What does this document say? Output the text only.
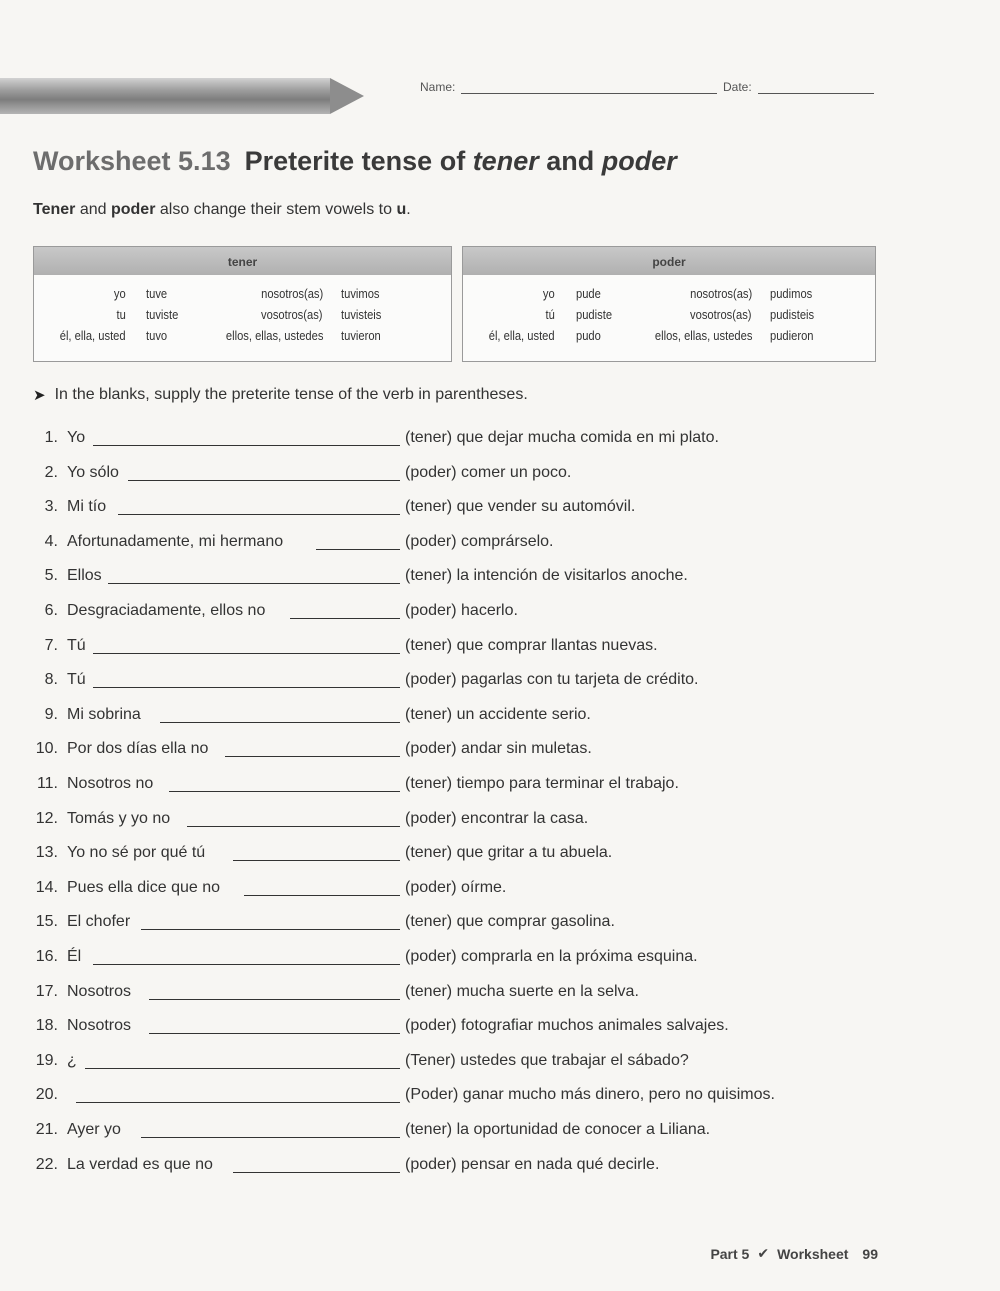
Name:	Date:
Worksheet 5.13 Preterite tense of tener and poder
Tener and poder also change their stem vowels to u.
tener
yo tuve	nosotros(as) tuvimos
tu tuviste	vosotros(as) tuvisteis
él, ella, usted tuvo	ellos, ellas, ustedes tuvieron
poder
yo pude	nosotros(as) pudimos
tú pudiste	vosotros(as) pudisteis
él, ella, usted pudo	ellos, ellas, ustedes pudieron
➤ In the blanks, supply the preterite tense of the verb in parentheses.
1. Yo	(tener) que dejar mucha comida en mi plato.
2. Yo sólo	(poder) comer un poco.
3. Mi tío	(tener) que vender su automóvil.
4. Afortunadamente, mi hermano	(poder) comprárselo.
5. Ellos	(tener) la intención de visitarlos anoche.
6. Desgraciadamente, ellos no	(poder) hacerlo.
7. Tú	(tener) que comprar llantas nuevas.
8. Tú	(poder) pagarlas con tu tarjeta de crédito.
9. Mi sobrina	(tener) un accidente serio.
10. Por dos días ella no	(poder) andar sin muletas.
11. Nosotros no	(tener) tiempo para terminar el trabajo.
12. Tomás y yo no	(poder) encontrar la casa.
13. Yo no sé por qué tú	(tener) que gritar a tu abuela.
14. Pues ella dice que no	(poder) oírme.
15. El chofer	(tener) que comprar gasolina.
16. Él	(poder) comprarla en la próxima esquina.
17. Nosotros	(tener) mucha suerte en la selva.
18. Nosotros	(poder) fotografiar muchos animales salvajes.
19. ¿	(Tener) ustedes que trabajar el sábado?
20.	(Poder) ganar mucho más dinero, pero no quisimos.
21. Ayer yo	(tener) la oportunidad de conocer a Liliana.
22. La verdad es que no	(poder) pensar en nada qué decirle.
Part 5 ✔ Worksheet 99
